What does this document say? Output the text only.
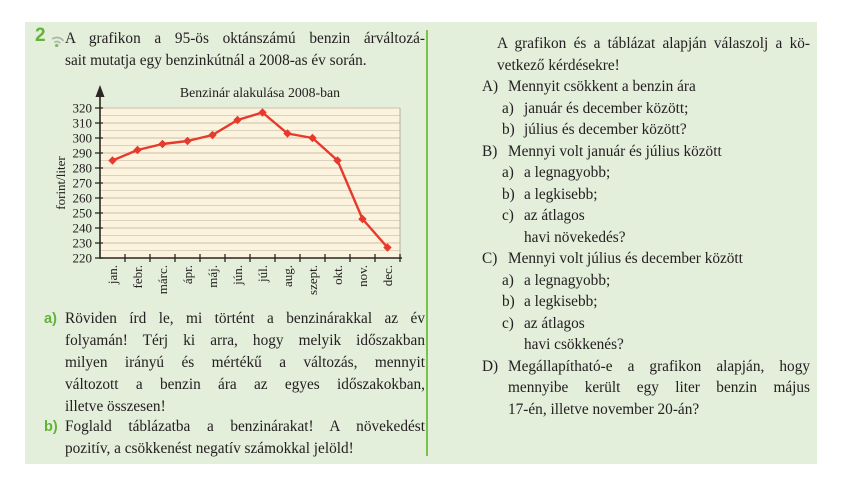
2 A grafikon a 95-ös oktánszámú benzin árváltozá-
sait mutatja egy benzinkútnál a 2008-as év során.
220
230
240
250
260
270
280
290
300
310
320
jan. febr. márc. ápr. máj. jún. júl. aug. szept. okt. nov. dec.
Benzinár alakulása 2008-ban
forint/liter
a) Röviden írd le, mi történt a benzinárakkal az év
folyamán! Térj ki arra, hogy melyik időszakban
milyen irányú és mértékű a változás, mennyit
változott a benzin ára az egyes időszakokban,
illetve összesen!
b) Foglald táblázatba a benzinárakat! A növekedést
pozitív, a csökkenést negatív számokkal jelöld!
A grafikon és a táblázat alapján válaszolj a kö-
vetkező kérdésekre!
A) Mennyit csökkent a benzin ára
a) január és december között;
b) július és december között?
B) Mennyi volt január és július között
a) a legnagyobb;
b) a legkisebb;
c) az átlagos
havi növekedés?
C) Mennyi volt július és december között
a) a legnagyobb;
b) a legkisebb;
c) az átlagos
havi csökkenés?
D) Megállapítható-e a grafikon alapján, hogy
mennyibe került egy liter benzin május
17-én, illetve november 20-án?
